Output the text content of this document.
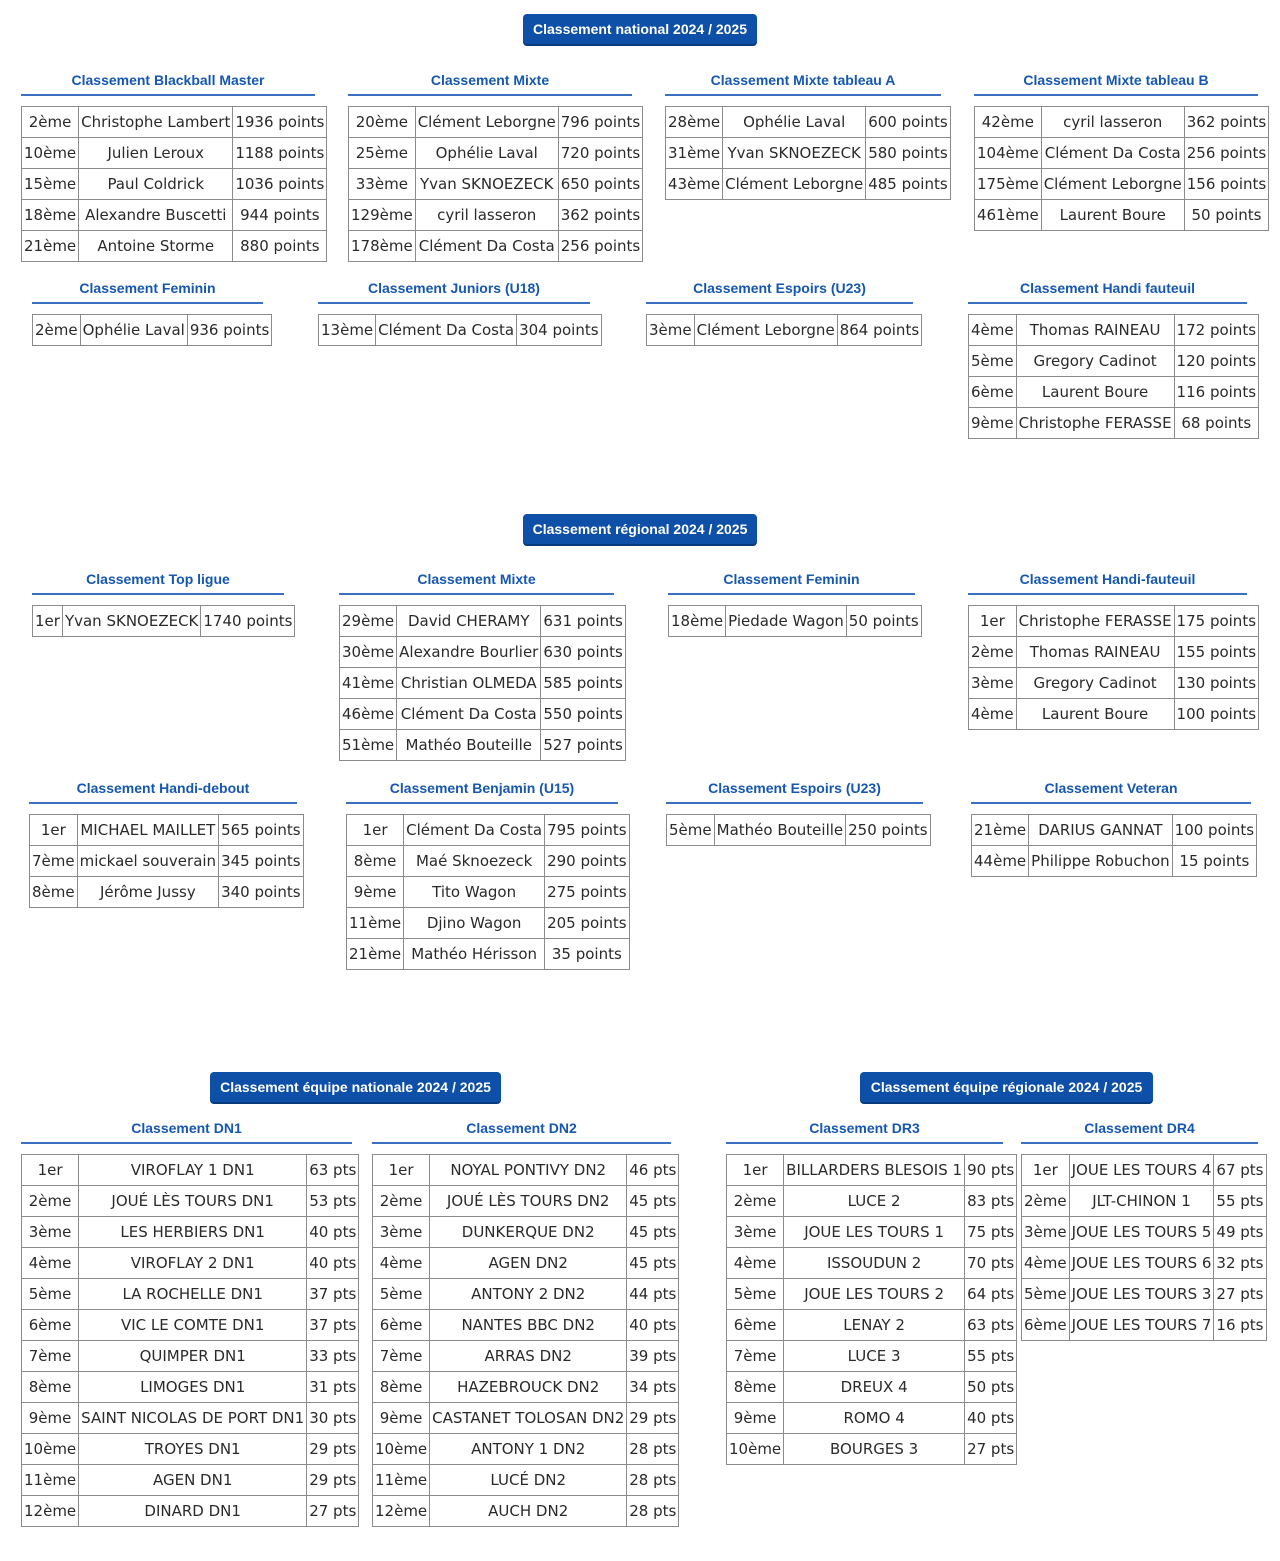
Classement national 2024 / 2025
Classement régional 2024 / 2025
Classement équipe nationale 2024 / 2025	Classement équipe régionale 2024 / 2025
Classement Blackball Master
2ème	Christophe Lambert	1936 points
10ème	Julien Leroux	1188 points
15ème	Paul Coldrick	1036 points
18ème	Alexandre Buscetti	944 points
21ème	Antoine Storme	880 points
Classement Mixte
20ème	Clément Leborgne	796 points
25ème	Ophélie Laval	720 points
33ème	Yvan SKNOEZECK	650 points
129ème	cyril lasseron	362 points
178ème	Clément Da Costa	256 points
Classement Mixte tableau A
28ème	Ophélie Laval	600 points
31ème	Yvan SKNOEZECK	580 points
43ème	Clément Leborgne	485 points
Classement Mixte tableau B
42ème	cyril lasseron	362 points
104ème	Clément Da Costa	256 points
175ème	Clément Leborgne	156 points
461ème	Laurent Boure	50 points
Classement Feminin
2ème	Ophélie Laval	936 points
Classement Juniors (U18)
13ème	Clément Da Costa	304 points
Classement Espoirs (U23)
3ème	Clément Leborgne	864 points
Classement Handi fauteuil
4ème	Thomas RAINEAU	172 points
5ème	Gregory Cadinot	120 points
6ème	Laurent Boure	116 points
9ème	Christophe FERASSE	68 points
Classement Top ligue
1er	Yvan SKNOEZECK	1740 points
Classement Mixte
29ème	David CHERAMY	631 points
30ème	Alexandre Bourlier	630 points
41ème	Christian OLMEDA	585 points
46ème	Clément Da Costa	550 points
51ème	Mathéo Bouteille	527 points
Classement Feminin
18ème	Piedade Wagon	50 points
Classement Handi-fauteuil
1er	Christophe FERASSE	175 points
2ème	Thomas RAINEAU	155 points
3ème	Gregory Cadinot	130 points
4ème	Laurent Boure	100 points
Classement Handi-debout
1er	MICHAEL MAILLET	565 points
7ème	mickael souverain	345 points
8ème	Jérôme Jussy	340 points
Classement Benjamin (U15)
1er	Clément Da Costa	795 points
8ème	Maé Sknoezeck	290 points
9ème	Tito Wagon	275 points
11ème	Djino Wagon	205 points
21ème	Mathéo Hérisson	35 points
Classement Espoirs (U23)
5ème	Mathéo Bouteille	250 points
Classement Veteran
21ème	DARIUS GANNAT	100 points
44ème	Philippe Robuchon	15 points
Classement DN1
1er	VIROFLAY 1 DN1	63 pts
2ème	JOUÉ LÈS TOURS DN1	53 pts
3ème	LES HERBIERS DN1	40 pts
4ème	VIROFLAY 2 DN1	40 pts
5ème	LA ROCHELLE DN1	37 pts
6ème	VIC LE COMTE DN1	37 pts
7ème	QUIMPER DN1	33 pts
8ème	LIMOGES DN1	31 pts
9ème	SAINT NICOLAS DE PORT DN1	30 pts
10ème	TROYES DN1	29 pts
11ème	AGEN DN1	29 pts
12ème	DINARD DN1	27 pts
Classement DN2
1er	NOYAL PONTIVY DN2	46 pts
2ème	JOUÉ LÈS TOURS DN2	45 pts
3ème	DUNKERQUE DN2	45 pts
4ème	AGEN DN2	45 pts
5ème	ANTONY 2 DN2	44 pts
6ème	NANTES BBC DN2	40 pts
7ème	ARRAS DN2	39 pts
8ème	HAZEBROUCK DN2	34 pts
9ème	CASTANET TOLOSAN DN2	29 pts
10ème	ANTONY 1 DN2	28 pts
11ème	LUCÉ DN2	28 pts
12ème	AUCH DN2	28 pts
Classement DR3
1er	BILLARDERS BLESOIS 1	90 pts
2ème	LUCE 2	83 pts
3ème	JOUE LES TOURS 1	75 pts
4ème	ISSOUDUN 2	70 pts
5ème	JOUE LES TOURS 2	64 pts
6ème	LENAY 2	63 pts
7ème	LUCE 3	55 pts
8ème	DREUX 4	50 pts
9ème	ROMO 4	40 pts
10ème	BOURGES 3	27 pts
Classement DR4
1er	JOUE LES TOURS 4	67 pts
2ème	JLT-CHINON 1	55 pts
3ème	JOUE LES TOURS 5	49 pts
4ème	JOUE LES TOURS 6	32 pts
5ème	JOUE LES TOURS 3	27 pts
6ème	JOUE LES TOURS 7	16 pts
